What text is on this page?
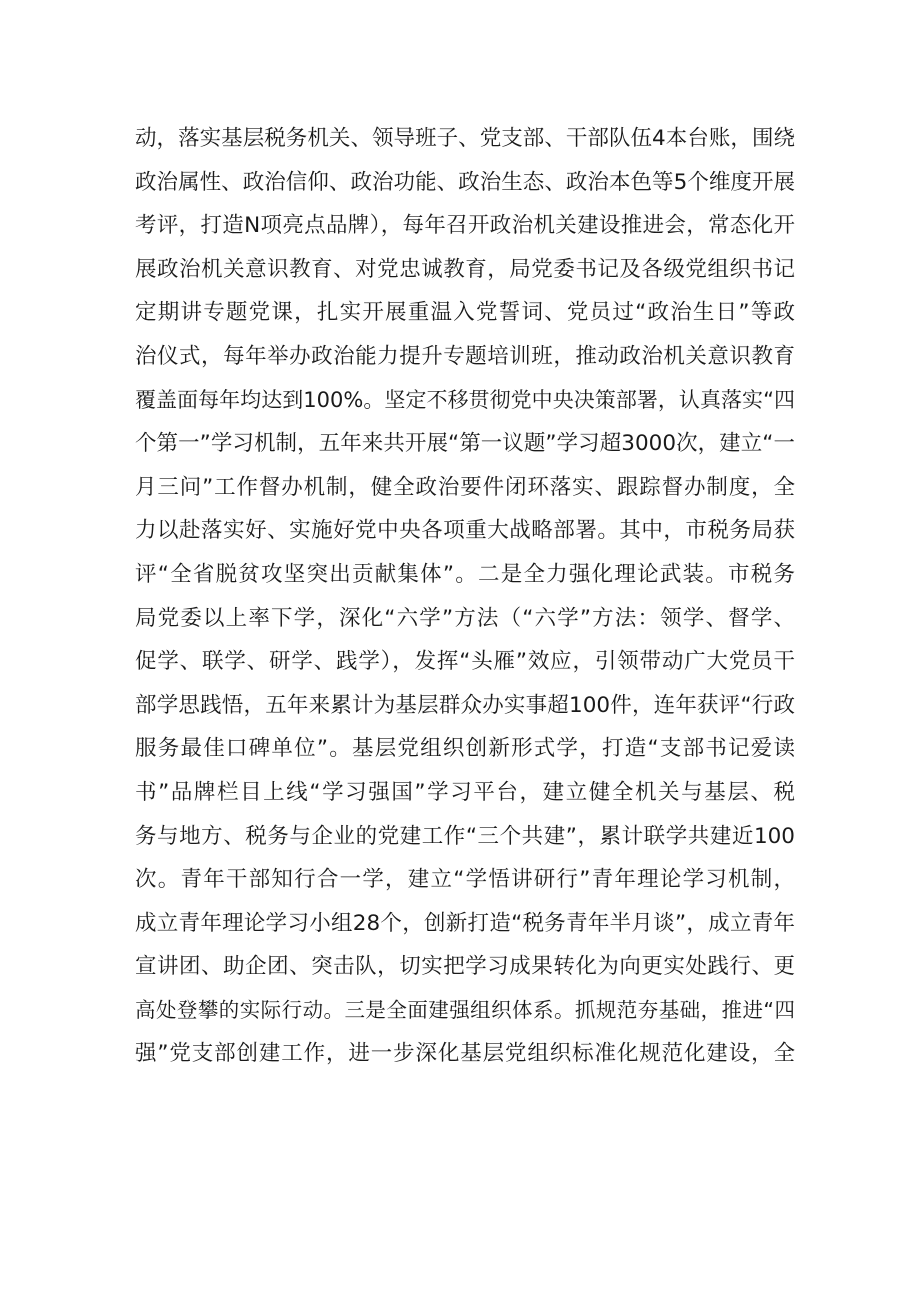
动，落实基层税务机关、领导班子、党支部、干部队伍4本台账，围绕
政治属性、政治信仰、政治功能、政治生态、政治本色等5个维度开展
考评，打造N项亮点品牌），每年召开政治机关建设推进会，常态化开
展政治机关意识教育、对党忠诚教育，局党委书记及各级党组织书记
定期讲专题党课，扎实开展重温入党誓词、党员过“政治生日”等政
治仪式，每年举办政治能力提升专题培训班，推动政治机关意识教育
覆盖面每年均达到100%。坚定不移贯彻党中央决策部署，认真落实“四
个第一”学习机制，五年来共开展“第一议题”学习超3000次，建立“一
月三问”工作督办机制，健全政治要件闭环落实、跟踪督办制度，全
力以赴落实好、实施好党中央各项重大战略部署。其中，市税务局获
评“全省脱贫攻坚突出贡献集体”。二是全力强化理论武装。市税务
局党委以上率下学，深化“六学”方法（“六学”方法：领学、督学、
促学、联学、研学、践学），发挥“头雁”效应，引领带动广大党员干
部学思践悟，五年来累计为基层群众办实事超100件，连年获评“行政
服务最佳口碑单位”。基层党组织创新形式学，打造“支部书记爱读
书”品牌栏目上线“学习强国”学习平台，建立健全机关与基层、税
务与地方、税务与企业的党建工作“三个共建”，累计联学共建近100
次。青年干部知行合一学，建立“学悟讲研行”青年理论学习机制，
成立青年理论学习小组28个，创新打造“税务青年半月谈”，成立青年
宣讲团、助企团、突击队，切实把学习成果转化为向更实处践行、更
高处登攀的实际行动。三是全面建强组织体系。抓规范夯基础，推进“四
强”党支部创建工作，进一步深化基层党组织标准化规范化建设，全
